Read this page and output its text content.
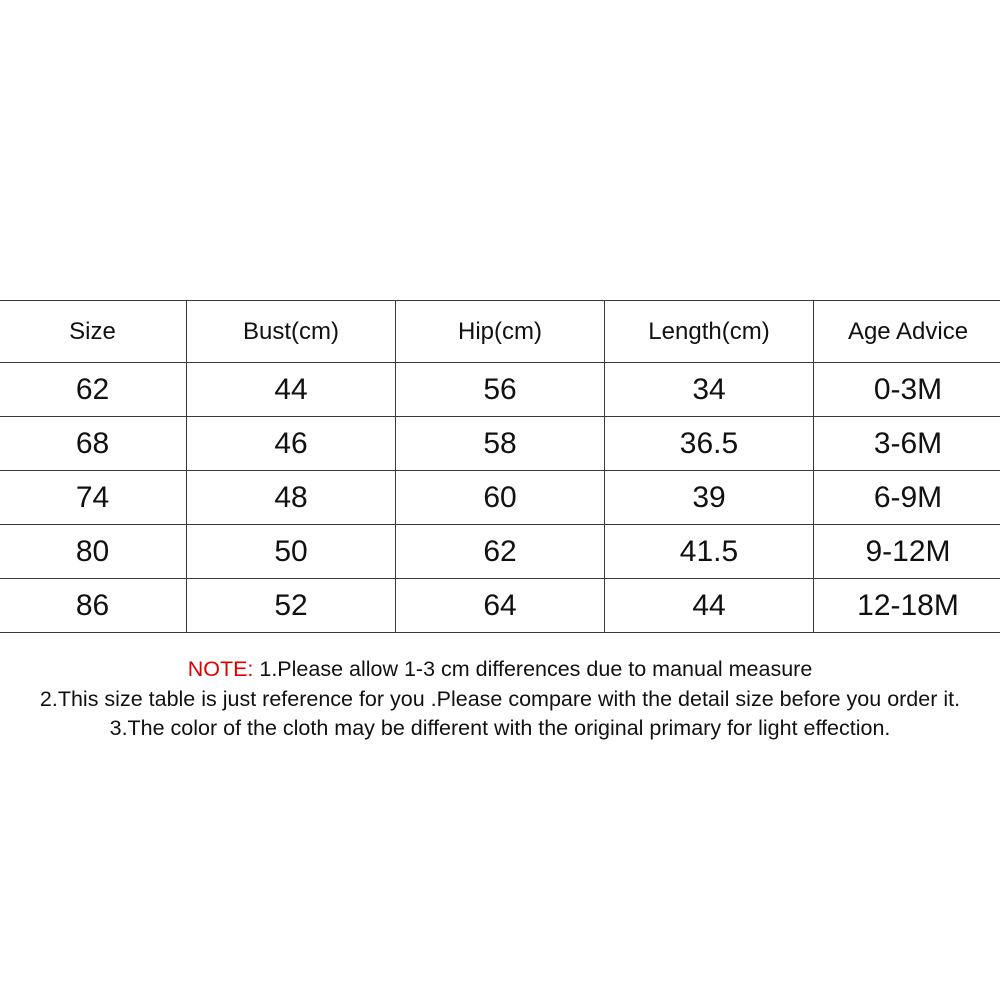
Size	Bust(cm)	Hip(cm)	Length(cm)	Age Advice
62	44	56	34	0-3M
68	46	58	36.5	3-6M
74	48	60	39	6-9M
80	50	62	41.5	9-12M
86	52	64	44	12-18M
NOTE: 1.Please allow 1-3 cm differences due to manual measure
2.This size table is just reference for you .Please compare with the detail size before you order it.
3.The color of the cloth may be different with the original primary for light effection.
